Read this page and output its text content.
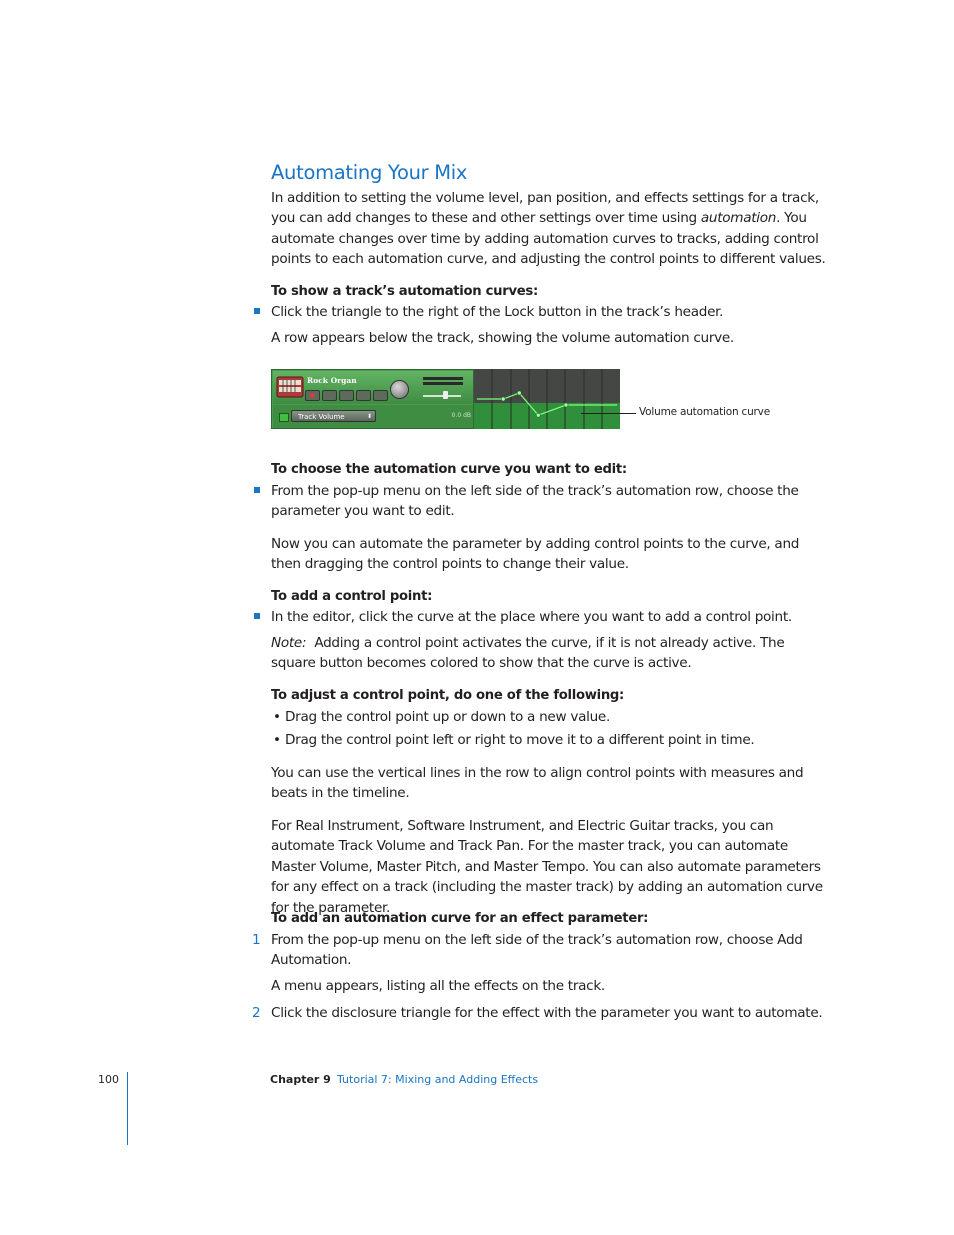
Automating Your Mix

In addition to setting the volume level, pan position, and effects settings for a track, you can add changes to these and other settings over time using automation. You automate changes over time by adding automation curves to tracks, adding control points to each automation curve, and adjusting the control points to different values.

To show a track’s automation curves:

Click the triangle to the right of the Lock button in the track’s header.

A row appears below the track, showing the volume automation curve.

Rock Organ
●
Track Volume	⬍	0.0 dB	Volume automation curve

To choose the automation curve you want to edit:

From the pop-up menu on the left side of the track’s automation row, choose the parameter you want to edit.

Now you can automate the parameter by adding control points to the curve, and then dragging the control points to change their value.

To add a control point:

In the editor, click the curve at the place where you want to add a control point.

Note: Adding a control point activates the curve, if it is not already active. The square button becomes colored to show that the curve is active.

To adjust a control point, do one of the following:

• Drag the control point up or down to a new value.

• Drag the control point left or right to move it to a different point in time.

You can use the vertical lines in the row to align control points with measures and beats in the timeline.

For Real Instrument, Software Instrument, and Electric Guitar tracks, you can automate Track Volume and Track Pan. For the master track, you can automate Master Volume, Master Pitch, and Master Tempo. You can also automate parameters for any effect on a track (including the master track) by adding an automation curve for the parameter.

To add an automation curve for an effect parameter:

1 From the pop-up menu on the left side of the track’s automation row, choose Add Automation.

A menu appears, listing all the effects on the track.

2 Click the disclosure triangle for the effect with the parameter you want to automate.

100	Chapter 9 Tutorial 7: Mixing and Adding Effects
